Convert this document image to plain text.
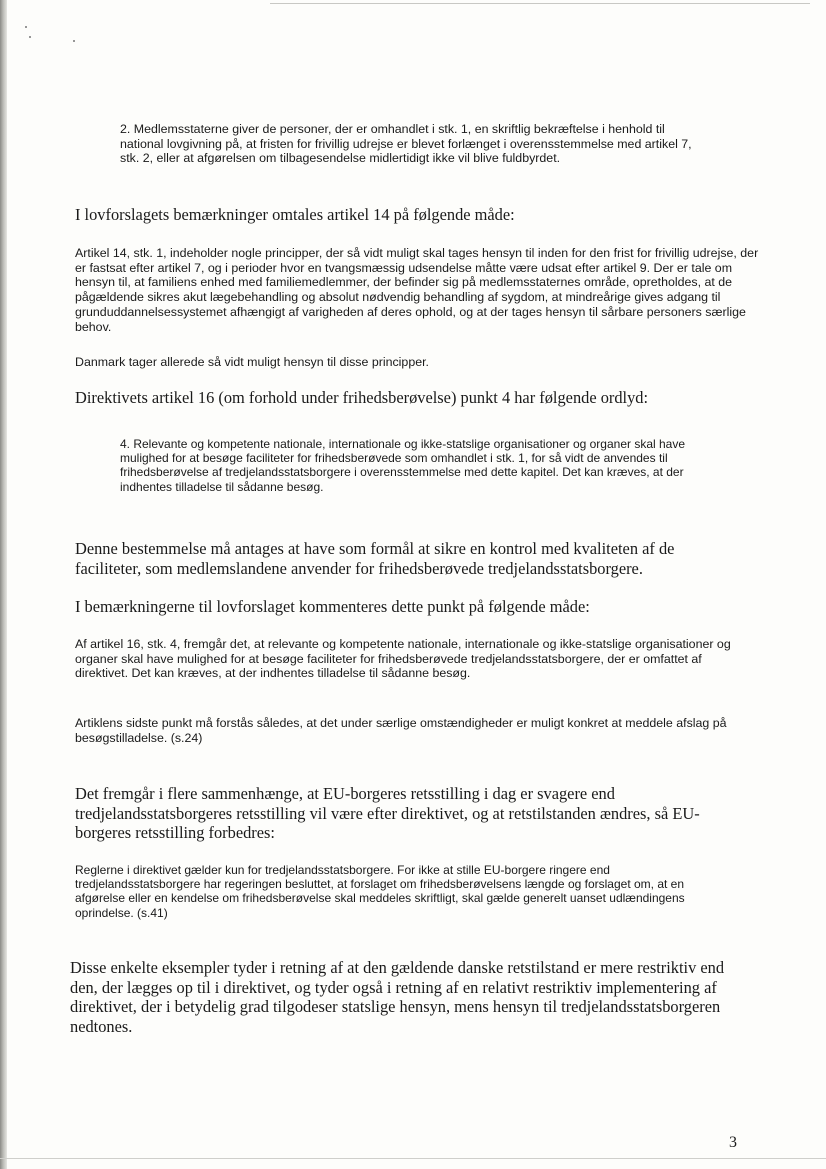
2. Medlemsstaterne giver de personer, der er omhandlet i stk. 1, en skriftlig bekræftelse i henhold til national lovgivning på, at fristen for frivillig udrejse er blevet forlænget i overensstemmelse med artikel 7, stk. 2, eller at afgørelsen om tilbagesendelse midlertidigt ikke vil blive fuldbyrdet.

I lovforslagets bemærkninger omtales artikel 14 på følgende måde:

Artikel 14, stk. 1, indeholder nogle principper, der så vidt muligt skal tages hensyn til inden for den frist for frivillig udrejse, der er fastsat efter artikel 7, og i perioder hvor en tvangsmæssig udsendelse måtte være udsat efter artikel 9. Der er tale om hensyn til, at familiens enhed med familiemedlemmer, der befinder sig på medlemsstaternes område, opretholdes, at de pågældende sikres akut lægebehandling og absolut nødvendig behandling af sygdom, at mindreårige gives adgang til grunduddannelsessystemet afhængigt af varigheden af deres ophold, og at der tages hensyn til sårbare personers særlige behov.

Danmark tager allerede så vidt muligt hensyn til disse principper.

Direktivets artikel 16 (om forhold under frihedsberøvelse) punkt 4 har følgende ordlyd:

4. Relevante og kompetente nationale, internationale og ikke-statslige organisationer og organer skal have mulighed for at besøge faciliteter for frihedsberøvede som omhandlet i stk. 1, for så vidt de anvendes til frihedsberøvelse af tredjelandsstatsborgere i overensstemmelse med dette kapitel. Det kan kræves, at der indhentes tilladelse til sådanne besøg.

Denne bestemmelse må antages at have som formål at sikre en kontrol med kvaliteten af de faciliteter, som medlemslandene anvender for frihedsberøvede tredjelandsstatsborgere.

I bemærkningerne til lovforslaget kommenteres dette punkt på følgende måde:

Af artikel 16, stk. 4, fremgår det, at relevante og kompetente nationale, internationale og ikke-statslige organisationer og organer skal have mulighed for at besøge faciliteter for frihedsberøvede tredjelandsstatsborgere, der er omfattet af direktivet. Det kan kræves, at der indhentes tilladelse til sådanne besøg.

Artiklens sidste punkt må forstås således, at det under særlige omstændigheder er muligt konkret at meddele afslag på besøgstilladelse. (s.24)

Det fremgår i flere sammenhænge, at EU-borgeres retsstilling i dag er svagere end tredjelandsstatsborgeres retsstilling vil være efter direktivet, og at retstilstanden ændres, så EU-borgeres retsstilling forbedres:

Reglerne i direktivet gælder kun for tredjelandsstatsborgere. For ikke at stille EU-borgere ringere end tredjelandsstatsborgere har regeringen besluttet, at forslaget om frihedsberøvelsens længde og forslaget om, at en afgørelse eller en kendelse om frihedsberøvelse skal meddeles skriftligt, skal gælde generelt uanset udlændingens oprindelse. (s.41)

Disse enkelte eksempler tyder i retning af at den gældende danske retstilstand er mere restriktiv end den, der lægges op til i direktivet, og tyder også i retning af en relativt restriktiv implementering af direktivet, der i betydelig grad tilgodeser statslige hensyn, mens hensyn til tredjelandsstatsborgeren nedtones.

3
